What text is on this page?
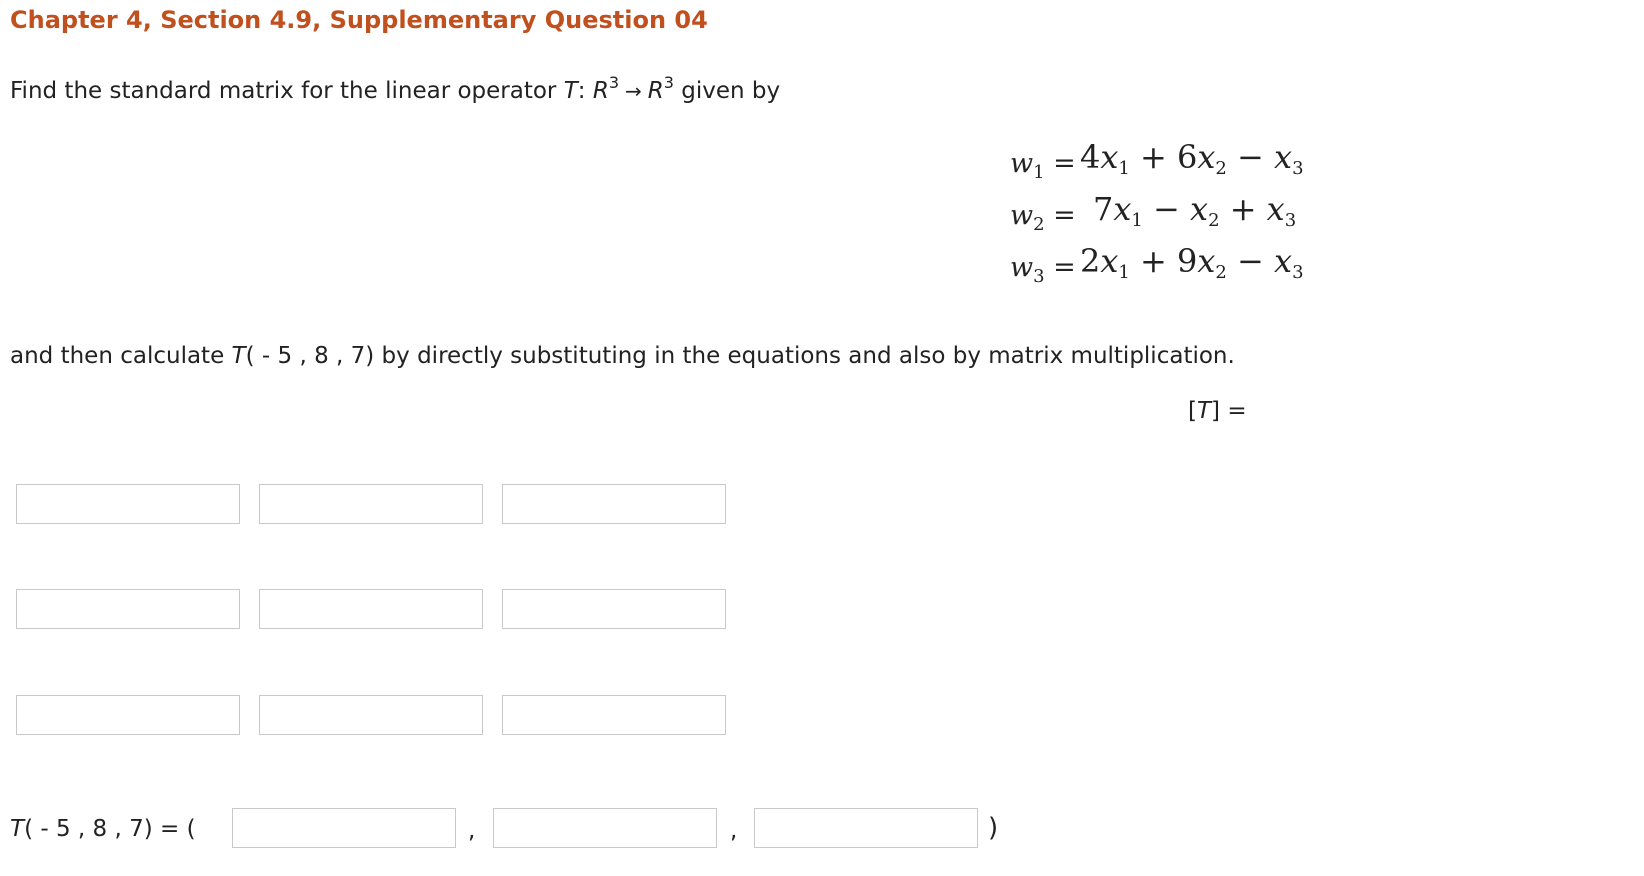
Chapter 4, Section 4.9, Supplementary Question 04
Find the standard matrix for the linear operator T: $R^3 \to R^3$ given by
$w_1 = 4x_1 + 6x_2 - x_3$
$w_2 = 7x_1 - x_2 + x_3$
$w_3 = 2x_1 + 9x_2 - x_3$
and then calculate T( - 5 , 8 , 7) by directly substituting in the equations and also by matrix multiplication.
[T] =
T( - 5 , 8 , 7) = (	,	,	)
